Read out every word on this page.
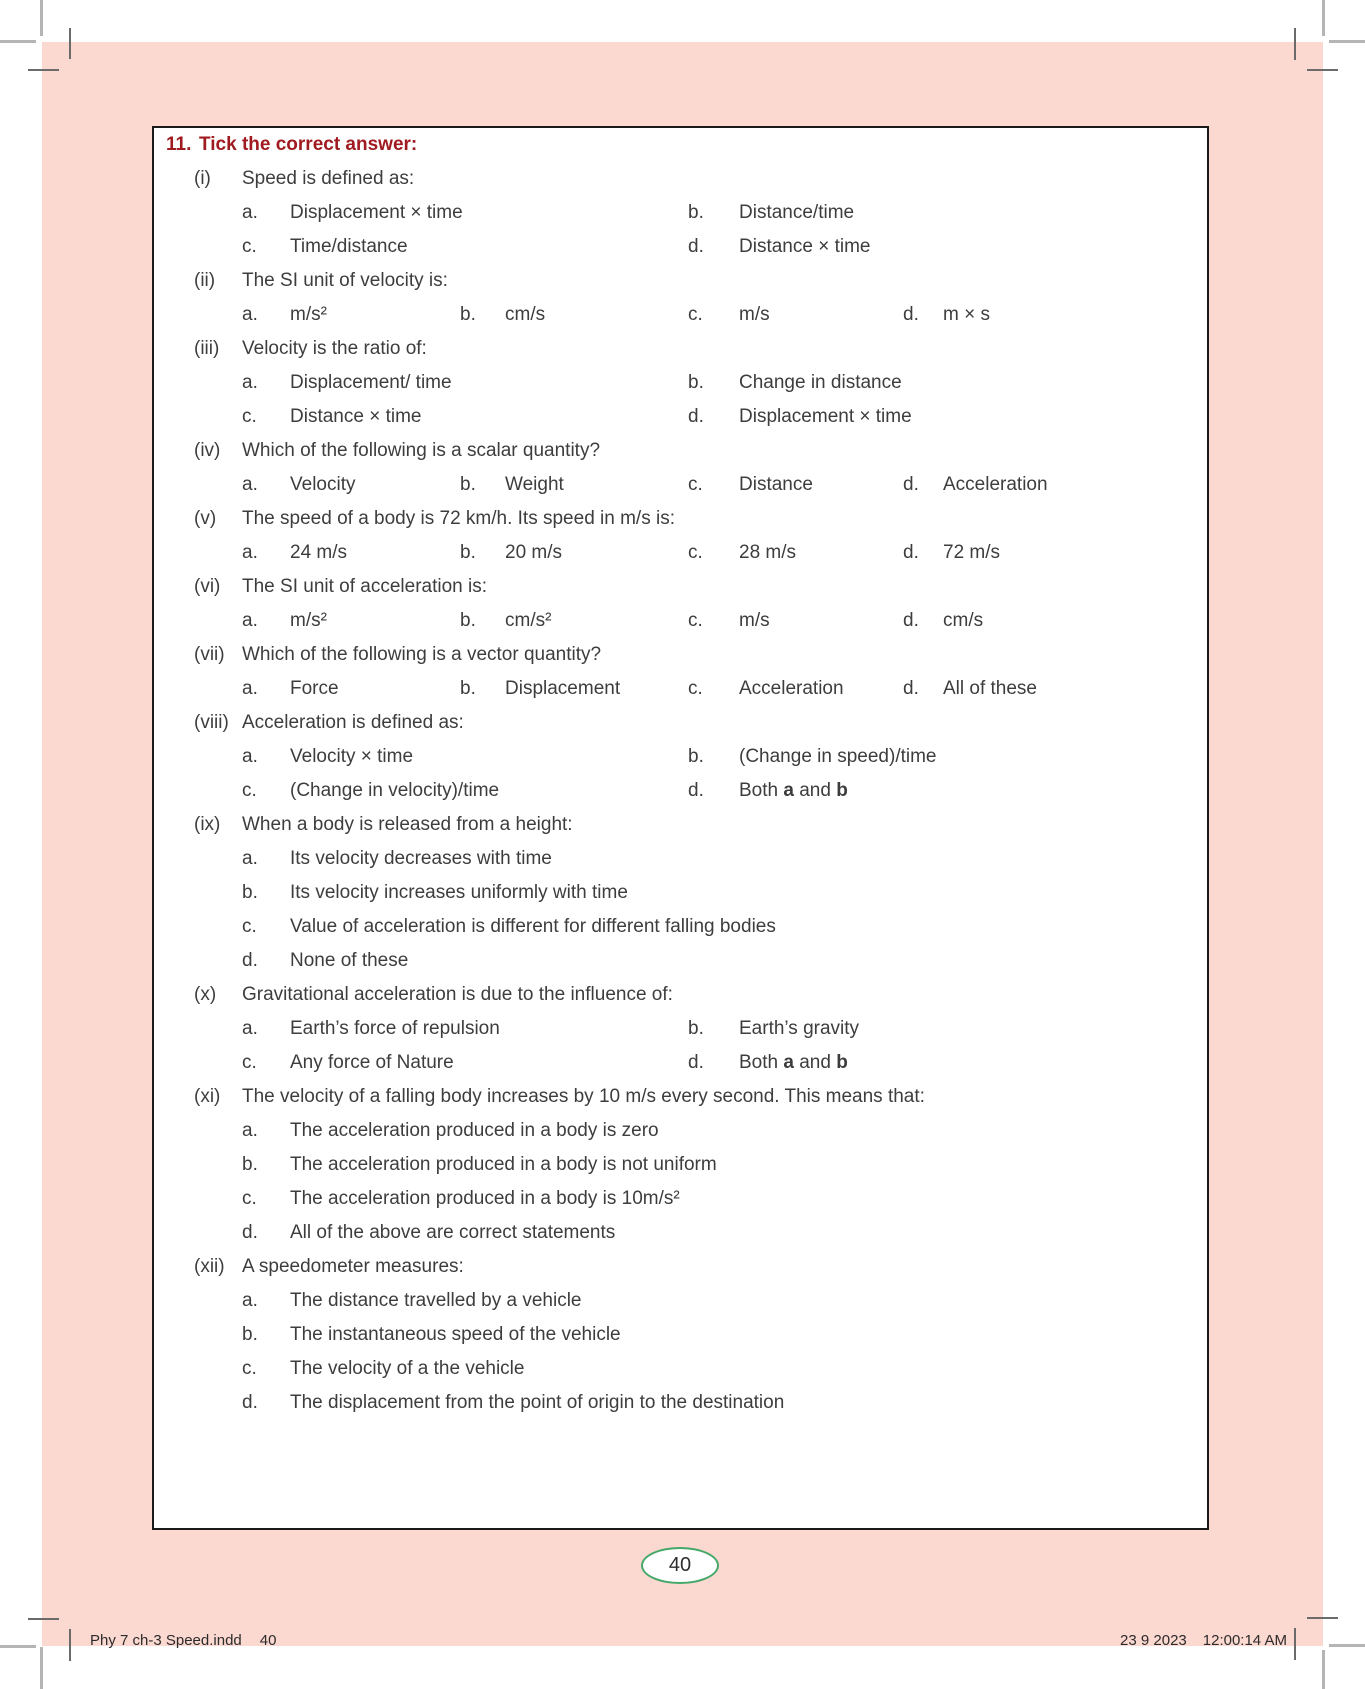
11. Tick the correct answer:
(i) Speed is defined as:
a. Displacement × time	b. Distance/time
c. Time/distance	d. Distance × time
(ii) The SI unit of velocity is:
a. m/s²	b. cm/s	c. m/s	d. m × s
(iii) Velocity is the ratio of:
a. Displacement/ time	b. Change in distance
c. Distance × time	d. Displacement × time
(iv) Which of the following is a scalar quantity?
a. Velocity	b. Weight	c. Distance	d. Acceleration
(v) The speed of a body is 72 km/h. Its speed in m/s is:
a. 24 m/s	b. 20 m/s	c. 28 m/s	d. 72 m/s
(vi) The SI unit of acceleration is:
a. m/s²	b. cm/s²	c. m/s	d. cm/s
(vii) Which of the following is a vector quantity?
a. Force	b. Displacement	c. Acceleration	d. All of these
(viii) Acceleration is defined as:
a. Velocity × time	b. (Change in speed)/time
c. (Change in velocity)/time	d. Both a and b
(ix) When a body is released from a height:
a. Its velocity decreases with time
b. Its velocity increases uniformly with time
c. Value of acceleration is different for different falling bodies
d. None of these
(x) Gravitational acceleration is due to the influence of:
a. Earth’s force of repulsion	b. Earth’s gravity
c. Any force of Nature	d. Both a and b
(xi) The velocity of a falling body increases by 10 m/s every second. This means that:
a. The acceleration produced in a body is zero
b. The acceleration produced in a body is not uniform
c. The acceleration produced in a body is 10m/s²
d. All of the above are correct statements
(xii) A speedometer measures:
a. The distance travelled by a vehicle
b. The instantaneous speed of the vehicle
c. The velocity of a the vehicle
d. The displacement from the point of origin to the destination
40
Phy 7 ch-3 Speed.indd 40	23 9 2023 12:00:14 AM
